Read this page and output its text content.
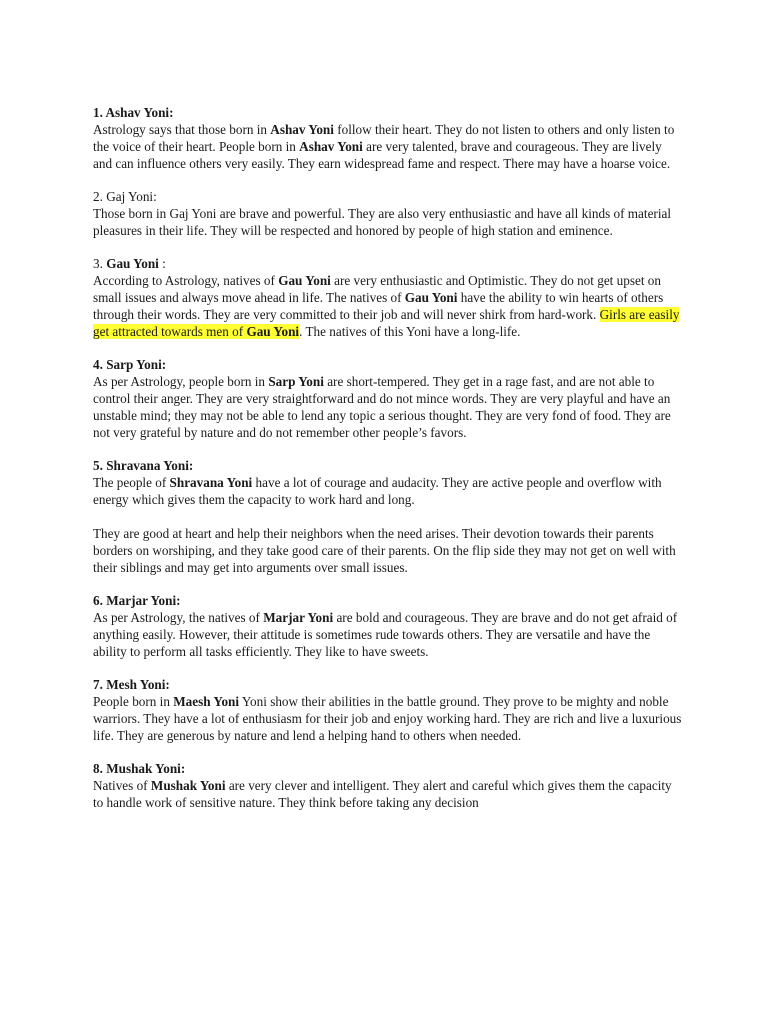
1. Ashav Yoni:

Astrology says that those born in Ashav Yoni follow their heart. They do not listen to others and only listen to the voice of their heart. People born in Ashav Yoni are very talented, brave and courageous. They are lively and can influence others very easily. They earn widespread fame and respect. There may have a hoarse voice.

2. Gaj Yoni:

Those born in Gaj Yoni are brave and powerful. They are also very enthusiastic and have all kinds of material pleasures in their life. They will be respected and honored by people of high station and eminence.

3. Gau Yoni :

According to Astrology, natives of Gau Yoni are very enthusiastic and Optimistic. They do not get upset on small issues and always move ahead in life. The natives of Gau Yoni have the ability to win hearts of others through their words. They are very committed to their job and will never shirk from hard-work. Girls are easily get attracted towards men of Gau Yoni. The natives of this Yoni have a long-life.

4. Sarp Yoni:

As per Astrology, people born in Sarp Yoni are short-tempered. They get in a rage fast, and are not able to control their anger. They are very straightforward and do not mince words. They are very playful and have an unstable mind; they may not be able to lend any topic a serious thought. They are very fond of food. They are not very grateful by nature and do not remember other people’s favors.

5. Shravana Yoni:

The people of Shravana Yoni have a lot of courage and audacity. They are active people and overflow with energy which gives them the capacity to work hard and long.

They are good at heart and help their neighbors when the need arises. Their devotion towards their parents borders on worshiping, and they take good care of their parents. On the flip side they may not get on well with their siblings and may get into arguments over small issues.

6. Marjar Yoni:

As per Astrology, the natives of Marjar Yoni are bold and courageous. They are brave and do not get afraid of anything easily. However, their attitude is sometimes rude towards others. They are versatile and have the ability to perform all tasks efficiently. They like to have sweets.

7. Mesh Yoni:

People born in Maesh Yoni Yoni show their abilities in the battle ground. They prove to be mighty and noble warriors. They have a lot of enthusiasm for their job and enjoy working hard. They are rich and live a luxurious life. They are generous by nature and lend a helping hand to others when needed.

8. Mushak Yoni:

Natives of Mushak Yoni are very clever and intelligent. They alert and careful which gives them the capacity to handle work of sensitive nature. They think before taking any decision
